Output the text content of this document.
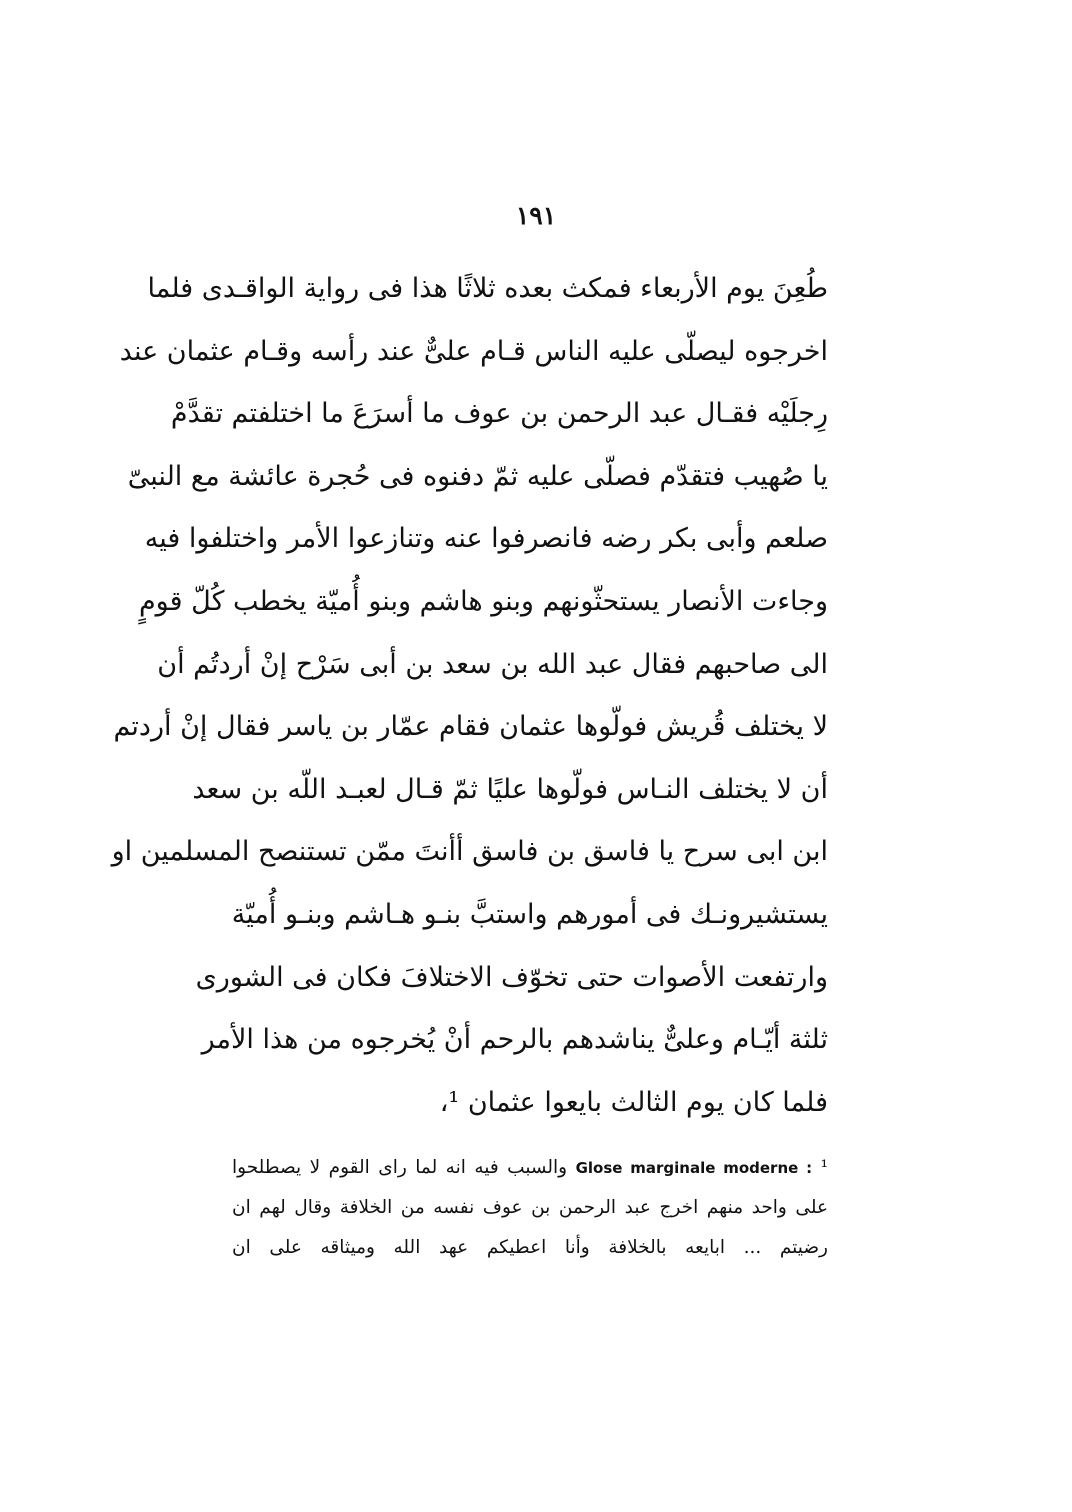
١٩١
طُعِنَ يوم الأربعاء فمكث بعده ثلاثًا هذا فى رواية الواقـدى فلما
اخرجوه ليصلّى عليه الناس قـام علىٌّ عند رأسه وقـام عثمان عند
رِجلَيْه فقـال عبد الرحمن بن عوف ما أسرَعَ ما اختلفتم تقدَّمْ
يا صُهيب فتقدّم فصلّى عليه ثمّ دفنوه فى حُجرة عائشة مع النبىّ
صلعم وأبى بكر رضه فانصرفوا عنه وتنازعوا الأمر واختلفوا فيه
وجاءت الأنصار يستحثّونهم وبنو هاشم وبنو أُميّة يخطب كُلّ قومٍ
الى صاحبهم فقال عبد الله بن سعد بن أبى سَرْح إنْ أردتُم أن
لا يختلف قُريش فولّوها عثمان فقام عمّار بن ياسر فقال إنْ أردتم
أن لا يختلف النـاس فولّوها عليًا ثمّ قـال لعبـد اللّه بن سعد
ابن ابى سرح يا فاسق بن فاسق أأنتَ ممّن تستنصح المسلمين او
يستشيرونـك فى أمورهم واستبَّ بنـو هـاشم وبنـو أُميّة
وارتفعت الأصوات حتى تخوّف الاختلافَ فكان فى الشورى
ثلثة أيّـام وعلىٌّ يناشدهم بالرحم أنْ يُخرجوه من هذا الأمر
فلما كان يوم الثالث بايعوا عثمان ¹،
¹ Glose marginale moderne : والسبب فيه انه لما راى القوم لا يصطلحوا
على واحد منهم اخرج عبد الرحمن بن عوف نفسه من الخلافة وقال لهم ان
رضيتم ... ابايعه بالخلافة وأنا اعطيكم عهد الله وميثاقه على ان
